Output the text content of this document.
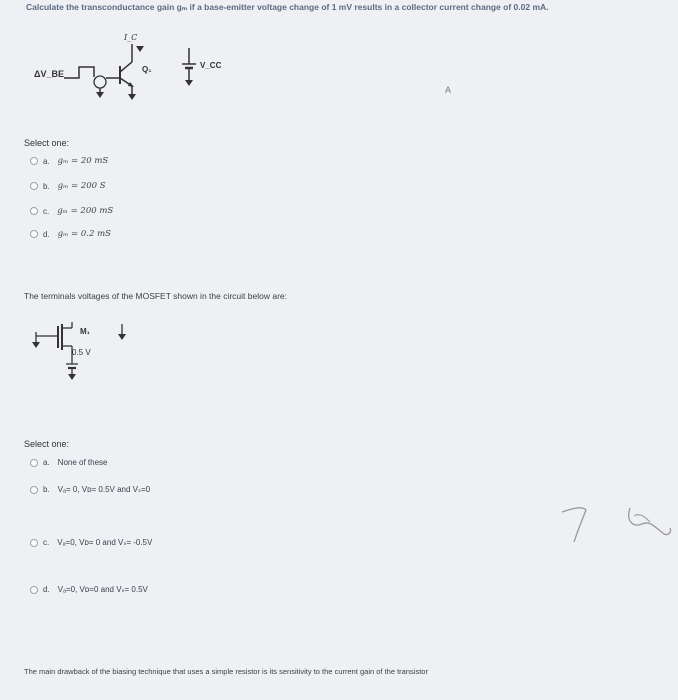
Calculate the transconductance gain gₘ if a base-emitter voltage change of 1 mV results in a collector current change of 0.02 mA.
ΔV_BE
I_C
Q₁	V_CC
Select one:
a. gₘ = 20 mS
b. gₘ = 200 S
c. gₘ = 200 mS
d. gₘ = 0.2 mS
A
The terminals voltages of the MOSFET shown in the circuit below are:
M₁
0.5 V
Select one:
a. None of these
b. Vₐ= 0, Vᴅ= 0.5V and Vₛ=0
c. Vₐ=0, Vᴅ= 0 and Vₛ= -0.5V
d. Vₐ=0, Vᴅ=0 and Vₛ= 0.5V
The main drawback of the biasing technique that uses a simple resistor is its sensitivity to the current gain of the transistor
